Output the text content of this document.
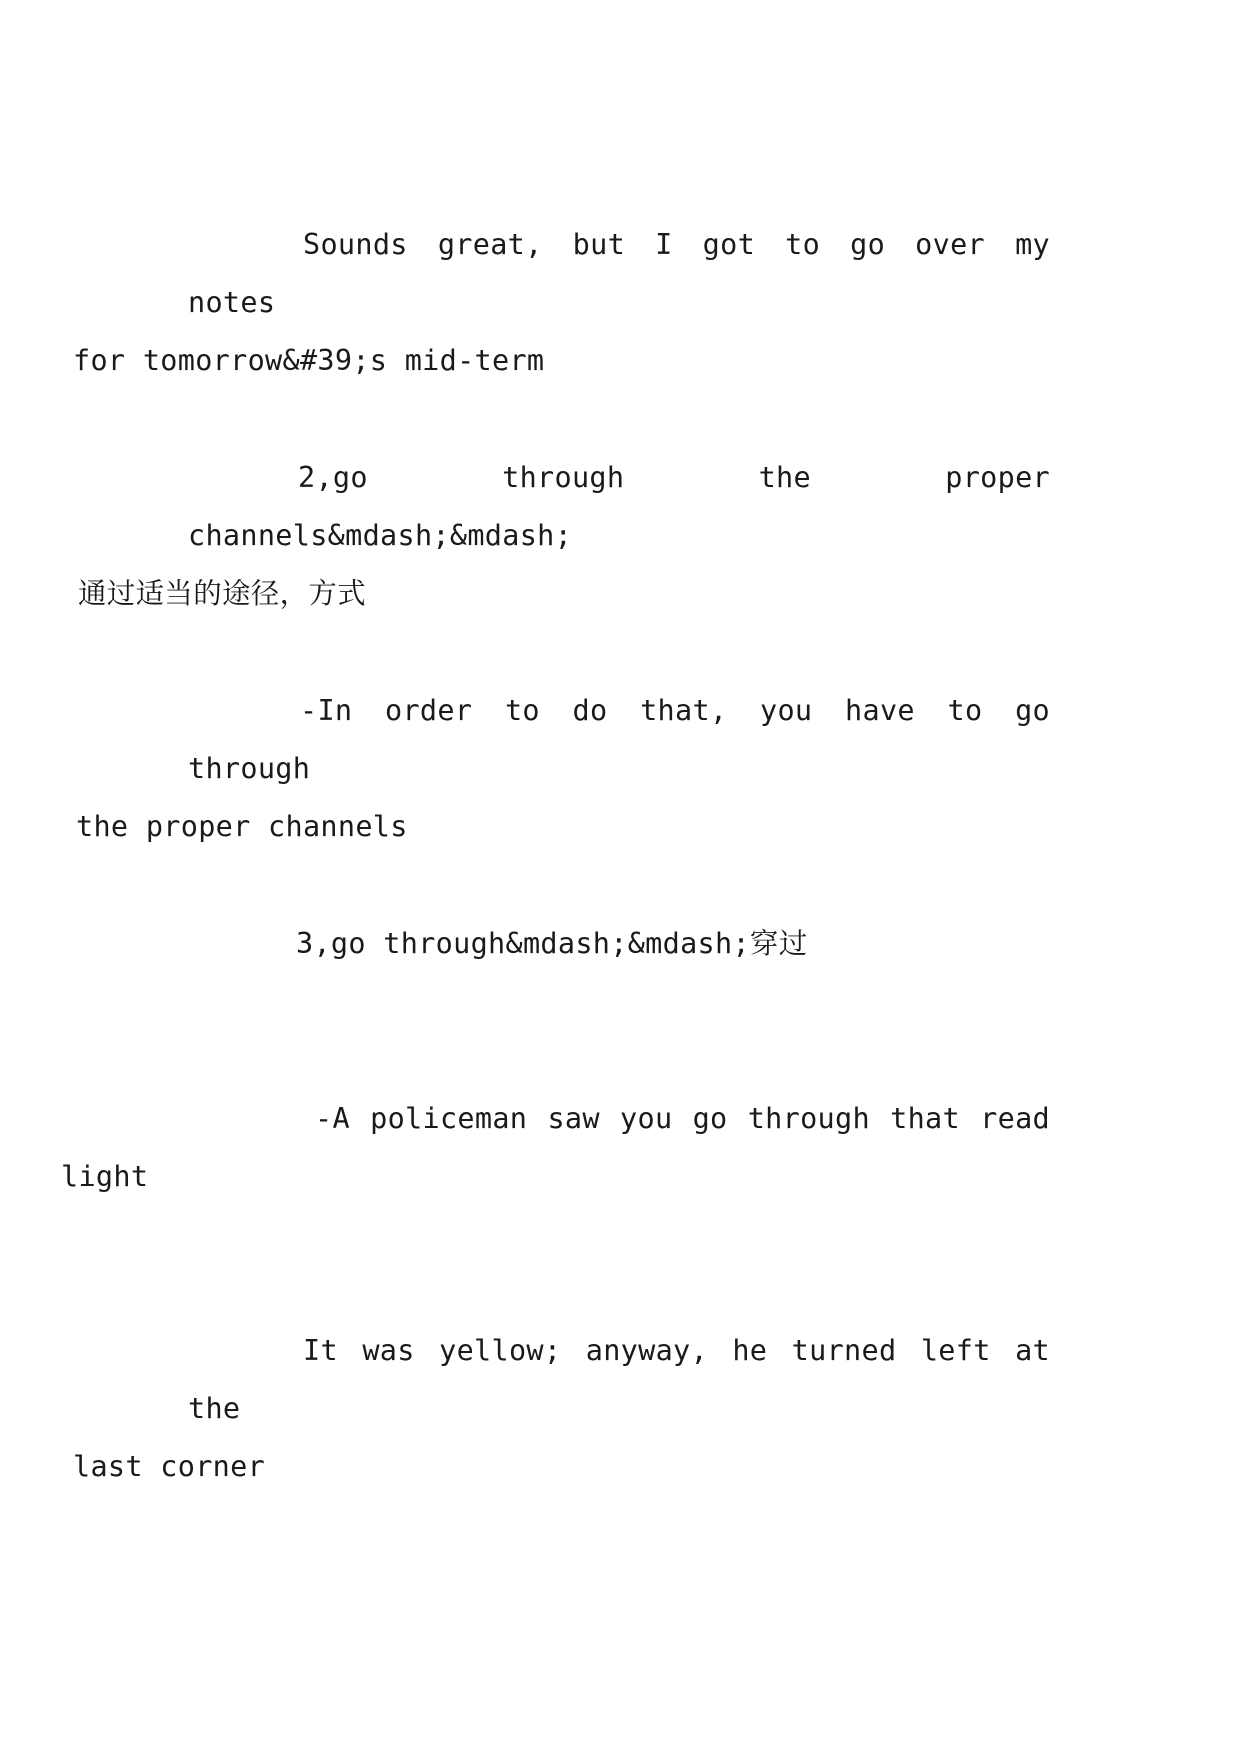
Sounds great, but I got to go over my notes
for tomorrow&#39;s mid-term

2,go through the proper channels&mdash;&mdash;
通过适当的途径，方式

-In order to do that, you have to go through
the proper channels

3,go through&mdash;&mdash;穿过

-A policeman saw you go through that read
light

It was yellow; anyway, he turned left at the
last corner
